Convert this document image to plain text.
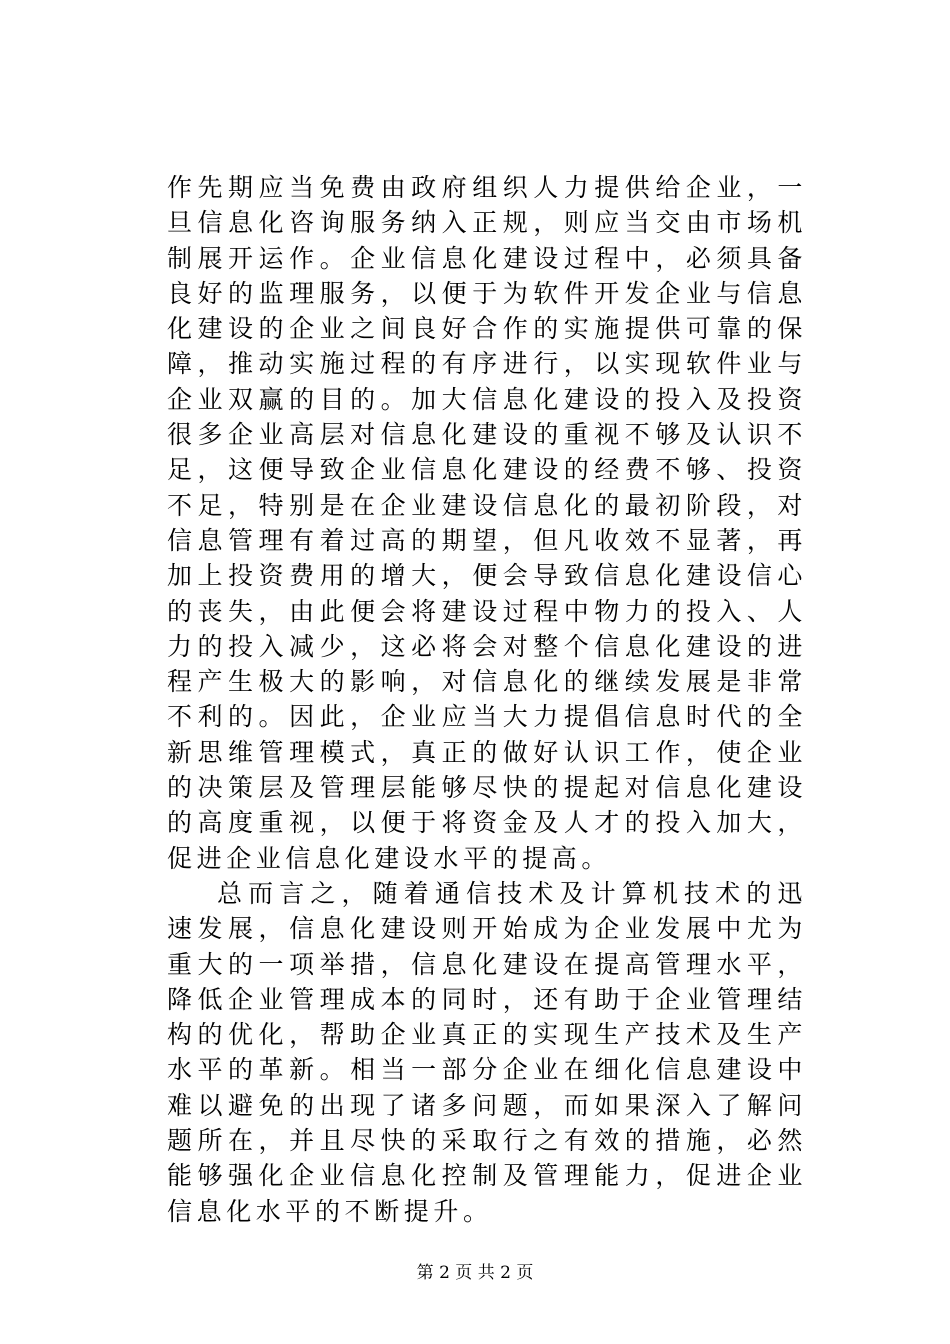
作先期应当免费由政府组织人力提供给企业，一旦信息化咨询服务纳入正规，则应当交由市场机制展开运作。企业信息化建设过程中，必须具备良好的监理服务，以便于为软件开发企业与信息化建设的企业之间良好合作的实施提供可靠的保障，推动实施过程的有序进行，以实现软件业与企业双赢的目的。加大信息化建设的投入及投资很多企业高层对信息化建设的重视不够及认识不足，这便导致企业信息化建设的经费不够、投资不足，特别是在企业建设信息化的最初阶段，对信息管理有着过高的期望，但凡收效不显著，再加上投资费用的增大，便会导致信息化建设信心的丧失，由此便会将建设过程中物力的投入、人力的投入减少，这必将会对整个信息化建设的进程产生极大的影响，对信息化的继续发展是非常不利的。因此，企业应当大力提倡信息时代的全新思维管理模式，真正的做好认识工作，使企业的决策层及管理层能够尽快的提起对信息化建设的高度重视，以便于将资金及人才的投入加大，促进企业信息化建设水平的提高。

总而言之，随着通信技术及计算机技术的迅速发展，信息化建设则开始成为企业发展中尤为重大的一项举措，信息化建设在提高管理水平，降低企业管理成本的同时，还有助于企业管理结构的优化，帮助企业真正的实现生产技术及生产水平的革新。相当一部分企业在细化信息建设中难以避免的出现了诸多问题，而如果深入了解问题所在，并且尽快的采取行之有效的措施，必然能够强化企业信息化控制及管理能力，促进企业信息化水平的不断提升。

第 2 页 共 2 页
